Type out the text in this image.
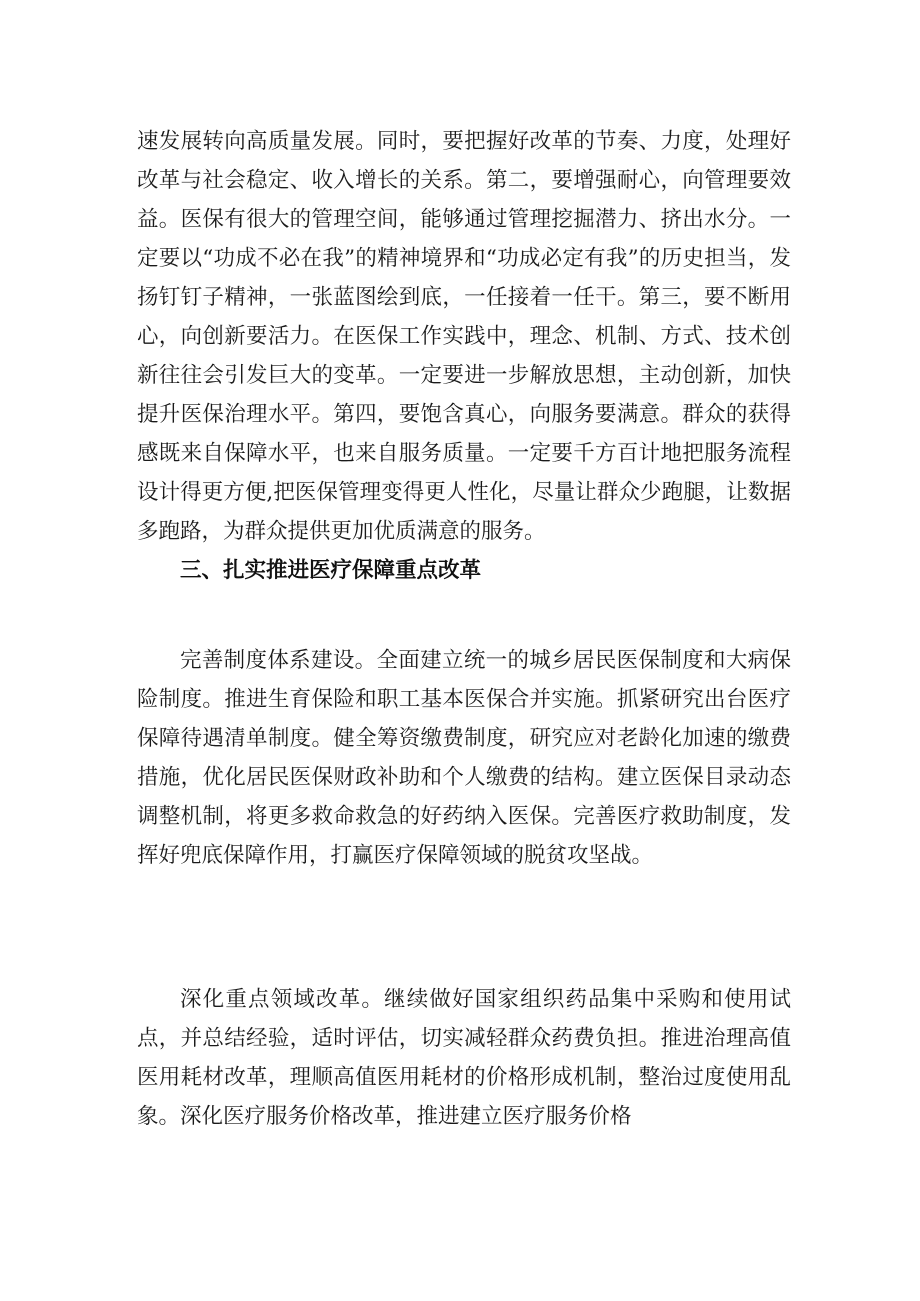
速发展转向高质量发展。同时，要把握好改革的节奏、力度，处理好改革与社会稳定、收入增长的关系。第二，要增强耐心，向管理要效益。医保有很大的管理空间，能够通过管理挖掘潜力、挤出水分。一定要以“功成不必在我”的精神境界和“功成必定有我”的历史担当，发扬钉钉子精神，一张蓝图绘到底，一任接着一任干。第三，要不断用心，向创新要活力。在医保工作实践中，理念、机制、方式、技术创新往往会引发巨大的变革。一定要进一步解放思想，主动创新，加快提升医保治理水平。第四，要饱含真心，向服务要满意。群众的获得感既来自保障水平，也来自服务质量。一定要千方百计地把服务流程设计得更方便,把医保管理变得更人性化，尽量让群众少跑腿，让数据多跑路，为群众提供更加优质满意的服务。

三、扎实推进医疗保障重点改革

完善制度体系建设。全面建立统一的城乡居民医保制度和大病保险制度。推进生育保险和职工基本医保合并实施。抓紧研究出台医疗保障待遇清单制度。健全筹资缴费制度，研究应对老龄化加速的缴费措施，优化居民医保财政补助和个人缴费的结构。建立医保目录动态调整机制，将更多救命救急的好药纳入医保。完善医疗救助制度，发挥好兜底保障作用，打赢医疗保障领域的脱贫攻坚战。

深化重点领域改革。继续做好国家组织药品集中采购和使用试点，并总结经验，适时评估，切实减轻群众药费负担。推进治理高值医用耗材改革，理顺高值医用耗材的价格形成机制，整治过度使用乱象。深化医疗服务价格改革，推进建立医疗服务价格
